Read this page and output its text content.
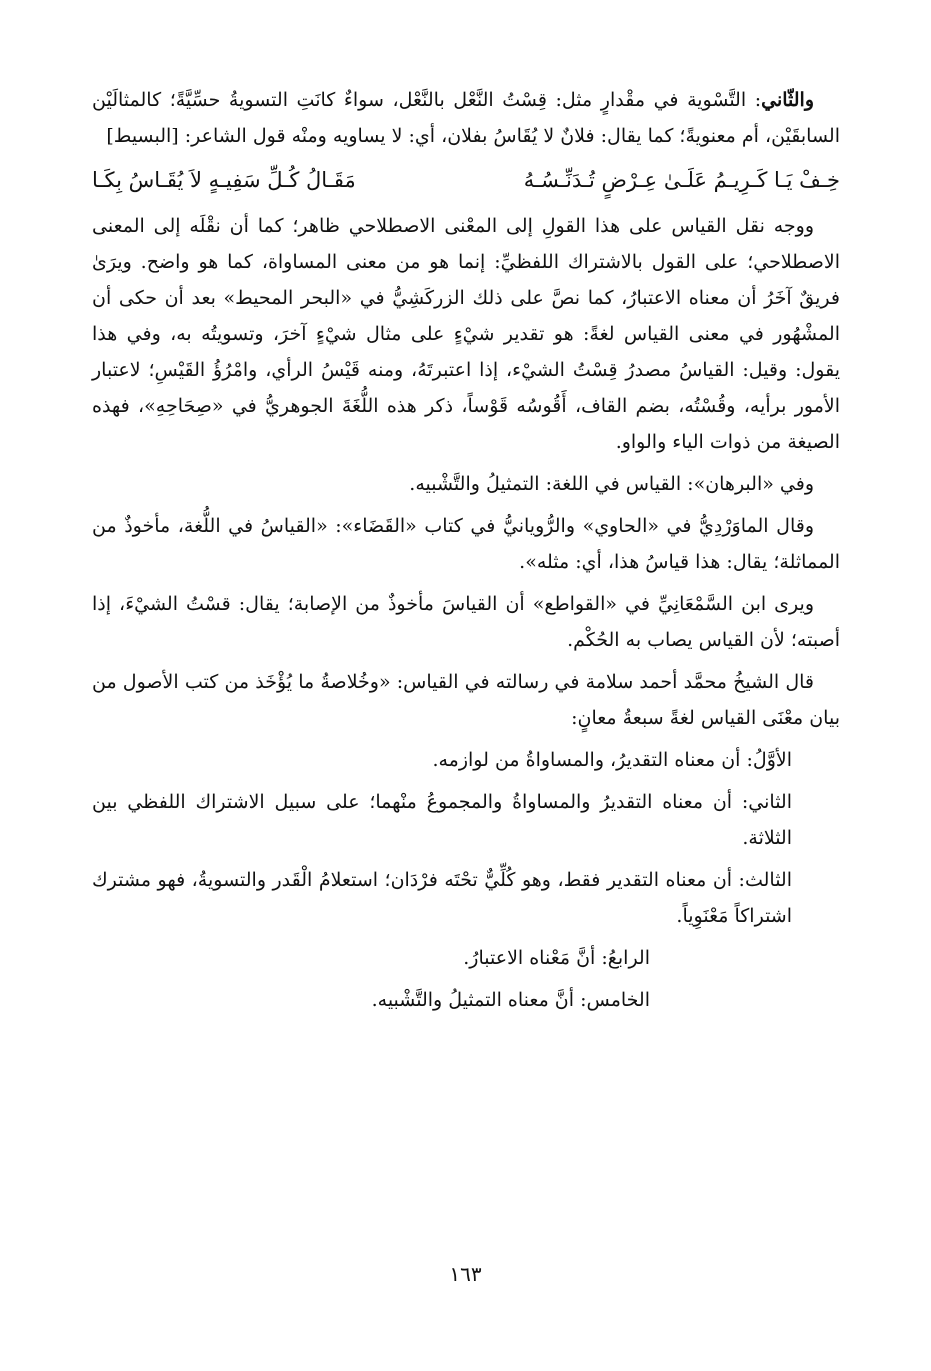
والثّاني: التَّسْوية في مقْدارٍ مثل: قِسْتُ النَّعْل بالنَّعْل، سواءٌ كانَتِ التسويةُ حسِّيَّةً؛ كالمثالَيْن السابقَيْن، أم معنويةً؛ كما يقال: فلانٌ لا يُقَاسُ بفلان، أي: لا يساويه ومنْه قول الشاعر: [البسيط]

خِـفْ يَـا كَـرِيـمُ عَلَـىٰ عِـرْضٍ تُـدَنِّـسُـهُ
مَقَـالُ كُـلِّ سَفِيـهٍ لاَ يُقَـاسُ بِكَـا

ووجه نقل القياس على هذا القولِ إلى المعْنى الاصطلاحي ظاهر؛ كما أن نقْلَه إلى المعنى الاصطلاحي؛ على القول بالاشتراك اللفظيِّ: إنما هو من معنى المساواة، كما هو واضح. ويرَىٰ فريقٌ آخَرُ أن معناه الاعتبارُ، كما نصَّ على ذلك الزركَشِيُّ في «البحر المحيط» بعد أن حكى أن المشْهُور في معنى القياس لغةً: هو تقدير شيْءٍ على مثال شيْءٍ آخرَ، وتسويتُه به، وفي هذا يقول: وقيل: القياسُ مصدرُ قِسْتُ الشيْء، إذا اعتبرتَهُ، ومنه قَيْسُ الرأي، وامْرُؤُ القَيْسِ؛ لاعتبار الأمور برأيه، وقُسْتُه، بضم القاف، أَقُوسُه قَوْساً، ذكر هذه اللُّغَةَ الجوهريُّ في «صِحَاحِهِ»، فهذه الصيغة من ذوات الياء والواو.

وفي «البرهان»: القياس في اللغة: التمثيلُ والتَّشْبيه.

وقال الماوَرْدِيُّ في «الحاوي» والرُّويانيُّ في كتاب «القَضَاء»: «القياسُ في اللُّغة، مأخوذٌ من المماثلة؛ يقال: هذا قياسُ هذا، أي: مثله».

ويرى ابن السَّمْعَانِيِّ في «القواطع» أن القياسَ مأخوذٌ من الإصابة؛ يقال: قسْتُ الشيْءَ، إذا أصبته؛ لأن القياس يصاب به الحُكْم.

قال الشيخُ محمَّد أحمد سلامة في رسالته في القياس: «وخُلاصةُ ما يُؤْخَذ من كتب الأصول من بيان معْنَى القياس لغةً سبعةُ معانٍ:

الأوَّلُ: أن معناه التقديرُ، والمساواةُ من لوازمه.

الثاني: أن معناه التقديرُ والمساواةُ والمجموعُ منْهما؛ على سبيل الاشتراك اللفظي بين الثلاثة.

الثالث: أن معناه التقدير فقط، وهو كُلِّيٌّ تحْتَه فرْدَان؛ استعلامُ الْقَدر والتسويةُ، فهو مشترك اشتراكاً مَعْنَوِياً.

الرابعُ: أنَّ مَعْناه الاعتبارُ.

الخامس: أنَّ معناه التمثيلُ والتَّشْبيه.

١٦٣
